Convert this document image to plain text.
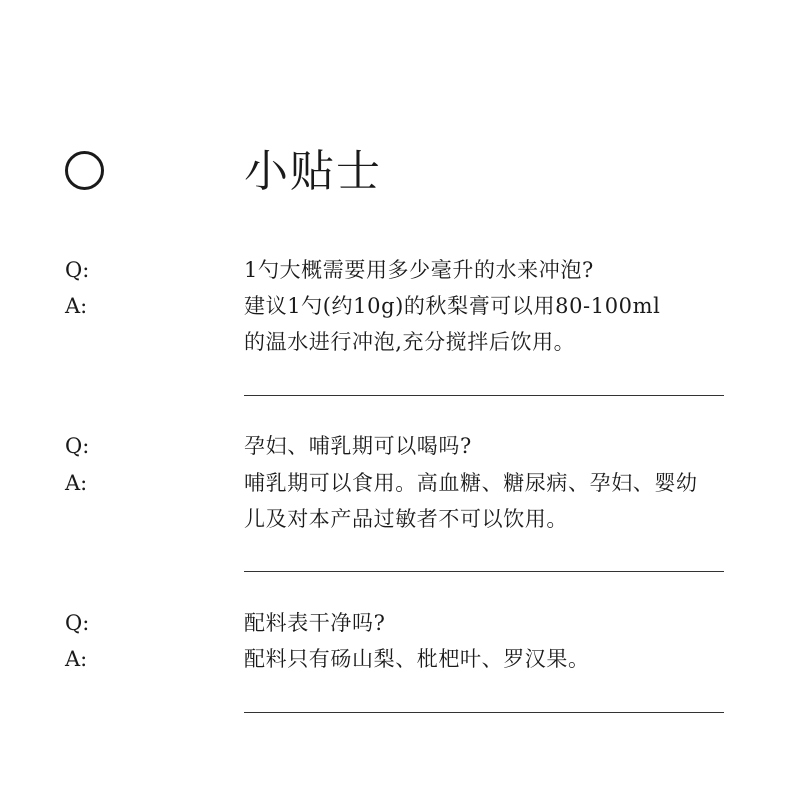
小贴士
Q:	1勺大概需要用多少毫升的水来冲泡?
A:	建议1勺(约10g)的秋梨膏可以用80-100ml
的温水进行冲泡,充分搅拌后饮用。
Q:	孕妇、哺乳期可以喝吗?
A:	哺乳期可以食用。高血糖、糖尿病、孕妇、婴幼
儿及对本产品过敏者不可以饮用。
Q:	配料表干净吗?
A:	配料只有砀山梨、枇杷叶、罗汉果。
